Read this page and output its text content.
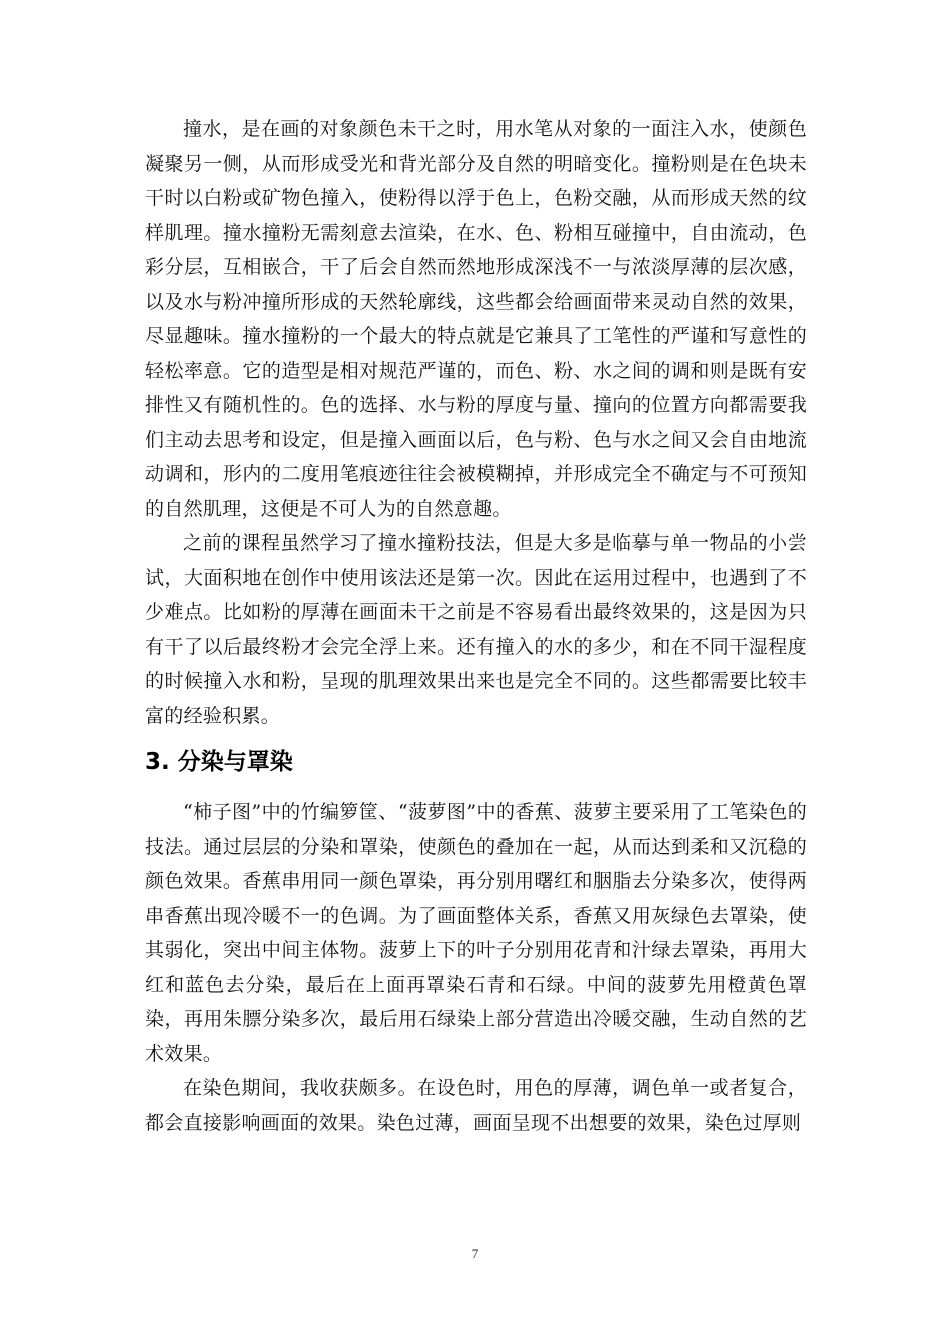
撞水，是在画的对象颜色未干之时，用水笔从对象的一面注入水，使颜色凝聚另一侧，从而形成受光和背光部分及自然的明暗变化。撞粉则是在色块未干时以白粉或矿物色撞入，使粉得以浮于色上，色粉交融，从而形成天然的纹样肌理。撞水撞粉无需刻意去渲染，在水、色、粉相互碰撞中，自由流动，色彩分层，互相嵌合，干了后会自然而然地形成深浅不一与浓淡厚薄的层次感，以及水与粉冲撞所形成的天然轮廓线，这些都会给画面带来灵动自然的效果，尽显趣味。撞水撞粉的一个最大的特点就是它兼具了工笔性的严谨和写意性的轻松率意。它的造型是相对规范严谨的，而色、粉、水之间的调和则是既有安排性又有随机性的。色的选择、水与粉的厚度与量、撞向的位置方向都需要我们主动去思考和设定，但是撞入画面以后，色与粉、色与水之间又会自由地流动调和，形内的二度用笔痕迹往往会被模糊掉，并形成完全不确定与不可预知的自然肌理，这便是不可人为的自然意趣。

之前的课程虽然学习了撞水撞粉技法，但是大多是临摹与单一物品的小尝试，大面积地在创作中使用该法还是第一次。因此在运用过程中，也遇到了不少难点。比如粉的厚薄在画面未干之前是不容易看出最终效果的，这是因为只有干了以后最终粉才会完全浮上来。还有撞入的水的多少，和在不同干湿程度的时候撞入水和粉，呈现的肌理效果出来也是完全不同的。这些都需要比较丰富的经验积累。

3. 分染与罩染

“柿子图”中的竹编箩筐、“菠萝图”中的香蕉、菠萝主要采用了工笔染色的技法。通过层层的分染和罩染，使颜色的叠加在一起，从而达到柔和又沉稳的颜色效果。香蕉串用同一颜色罩染，再分别用曙红和胭脂去分染多次，使得两串香蕉出现冷暖不一的色调。为了画面整体关系，香蕉又用灰绿色去罩染，使其弱化，突出中间主体物。菠萝上下的叶子分别用花青和汁绿去罩染，再用大红和蓝色去分染，最后在上面再罩染石青和石绿。中间的菠萝先用橙黄色罩染，再用朱膘分染多次，最后用石绿染上部分营造出冷暖交融，生动自然的艺术效果。

在染色期间，我收获颇多。在设色时，用色的厚薄，调色单一或者复合，都会直接影响画面的效果。染色过薄，画面呈现不出想要的效果，染色过厚则

7
